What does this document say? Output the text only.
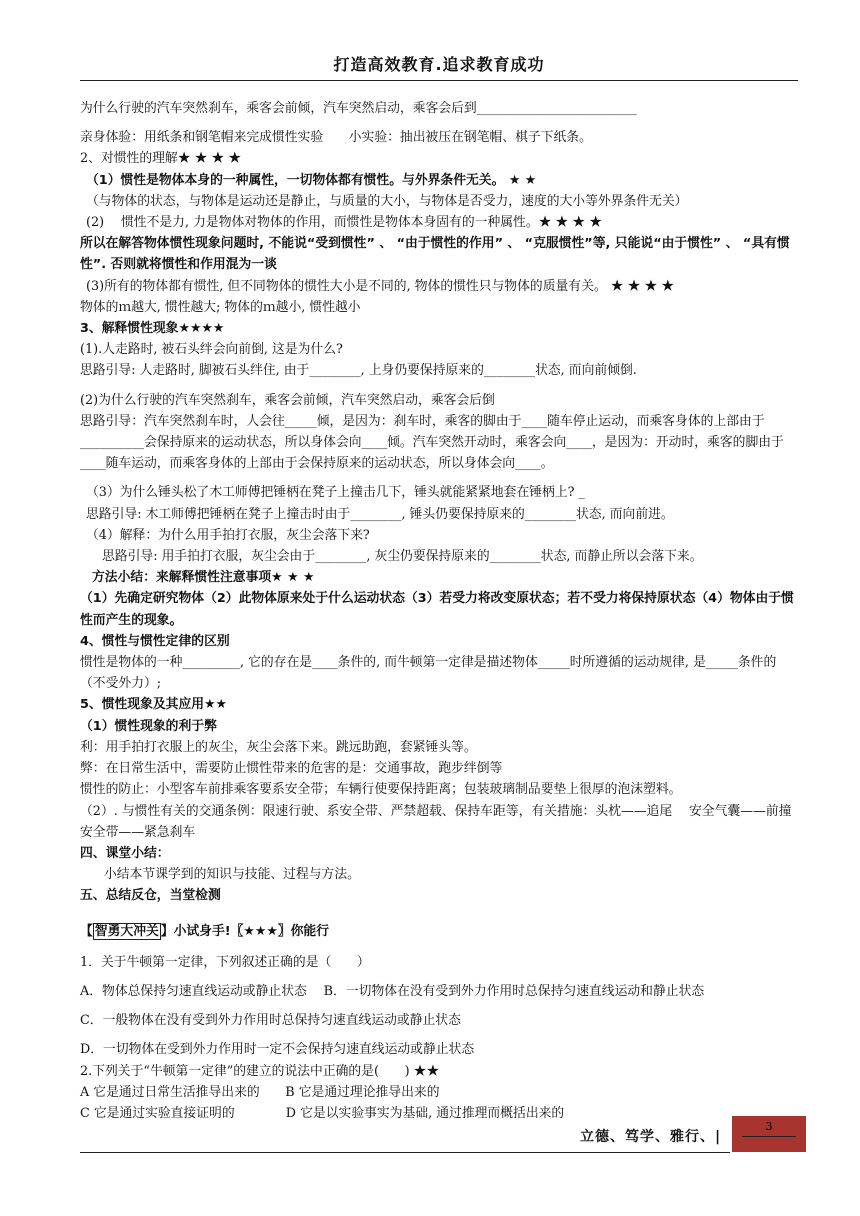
打造高效教育.追求教育成功
为什么行驶的汽车突然刹车，乘客会前倾，汽车突然启动，乘客会后到_________________________
亲身体验：用纸条和钢笔帽来完成惯性实验　　小实验：抽出被压在钢笔帽、棋子下纸条。
2、对惯性的理解★ ★ ★ ★
（1）惯性是物体本身的一种属性，一切物体都有惯性。与外界条件无关。 ★ ★
（与物体的状态，与物体是运动还是静止，与质量的大小，与物体是否受力，速度的大小等外界条件无关）
(2)　 惯性不是力, 力是物体对物体的作用，而惯性是物体本身固有的一种属性。★ ★ ★ ★
所以在解答物体惯性现象问题时, 不能说“受到惯性” 、 “由于惯性的作用” 、 “克服惯性”等, 只能说“由于惯性” 、 “具有惯性”. 否则就将惯性和作用混为一谈
(3)所有的物体都有惯性, 但不同物体的惯性大小是不同的, 物体的惯性只与物体的质量有关。 ★ ★ ★ ★
物体的ｍ越大, 惯性越大; 物体的ｍ越小, 惯性越小
3、解释惯性现象★★★★
(1).人走路时, 被石头绊会向前倒, 这是为什么?
思路引导: 人走路时, 脚被石头绊住, 由于________, 上身仍要保持原来的________状态, 而向前倾倒.
(2)为什么行驶的汽车突然刹车，乘客会前倾，汽车突然启动，乘客会后倒
思路引导：汽车突然刹车时，人会往_____倾，是因为：刹车时，乘客的脚由于____随车停止运动，而乘客身体的上部由于__________会保持原来的运动状态，所以身体会向____倾。汽车突然开动时，乘客会向____，是因为：开动时，乘客的脚由于____随车运动，而乘客身体的上部由于会保持原来的运动状态，所以身体会向____。
（3）为什么锤头松了木工师傅把锤柄在凳子上撞击几下，锤头就能紧紧地套在锤柄上? _
思路引导: 木工师傅把锤柄在凳子上撞击时由于________, 锤头仍要保持原来的________状态, 而向前进。
（4）解释：为什么用手拍打衣服，灰尘会落下来?
思路引导: 用手拍打衣服，灰尘会由于________, 灰尘仍要保持原来的________状态, 而静止所以会落下来。
方法小结：来解释惯性注意事项★ ★ ★
（1）先确定研究物体（2）此物体原来处于什么运动状态（3）若受力将改变原状态；若不受力将保持原状态（4）物体由于惯性而产生的现象。
4、惯性与惯性定律的区别
惯性是物体的一种_________, 它的存在是____条件的, 而牛顿第一定律是描述物体_____时所遵循的运动规律, 是_____条件的（不受外力）;
5、惯性现象及其应用★★
（1）惯性现象的利于弊
利：用手拍打衣服上的灰尘，灰尘会落下来。跳远助跑，套紧锤头等。
弊：在日常生活中，需要防止惯性带来的危害的是：交通事故，跑步绊倒等
惯性的防止：小型客车前排乘客要系安全带；车辆行使要保持距离；包装玻璃制品要垫上很厚的泡沫塑料。
（2）. 与惯性有关的交通条例：限速行驶、系安全带、严禁超载、保持车距等，有关措施：头枕——追尾　 安全气囊——前撞　安全带——紧急刹车
四、课堂小结：
小结本节课学到的知识与技能、过程与方法。
五、总结反仓，当堂检测
【 智勇大冲关 】小试身手!〖★★★〗你能行
1．关于牛顿第一定律，下列叙述正确的是（　　）
A．物体总保持匀速直线运动或静止状态　 B．一切物体在没有受到外力作用时总保持匀速直线运动和静止状态
C．一般物体在没有受到外力作用时总保持匀速直线运动或静止状态
D．一切物体在受到外力作用时一定不会保持匀速直线运动或静止状态
2.下列关于“牛顿第一定律”的建立的说法中正确的是(　　) ★★
A 它是通过日常生活推导出来的　　B 它是通过理论推导出来的
C 它是通过实验直接证明的　　　　D 它是以实验事实为基础, 通过推理而概括出来的
立德、笃学、雅行、|
3
